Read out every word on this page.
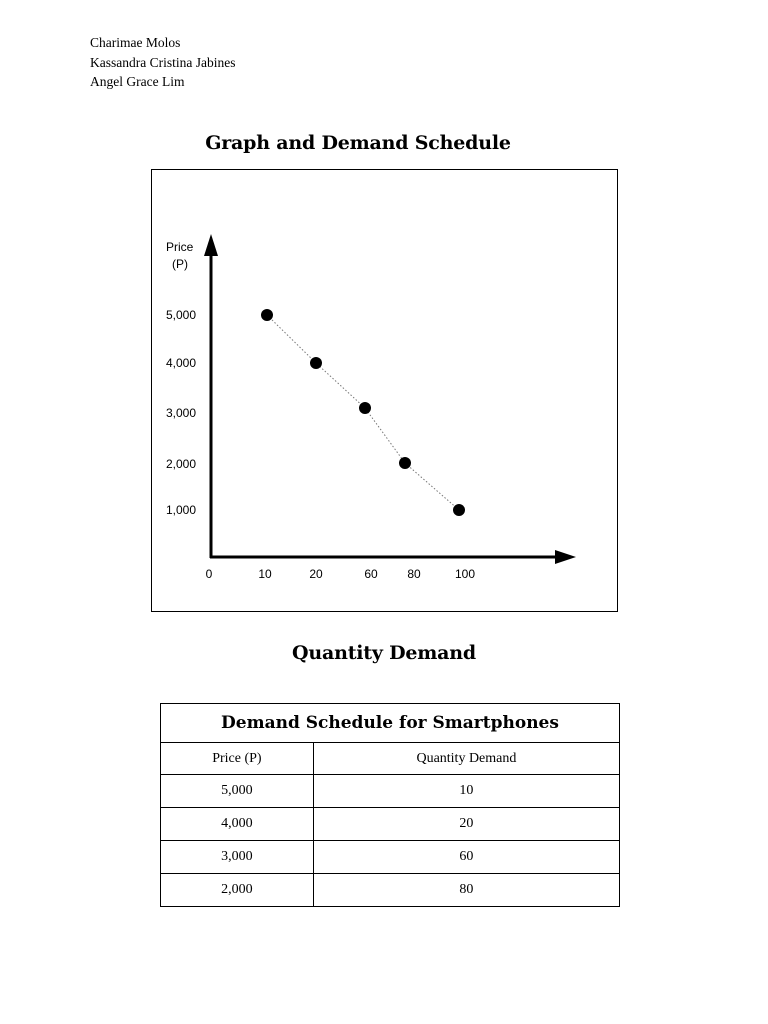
Charimae Molos
Kassandra Cristina Jabines
Angel Grace Lim
Graph and Demand Schedule
Price
(P)
0	10	20	60 80	100
5,000
4,000
3,000
2,000
1,000
Quantity Demand
Demand Schedule for Smartphones	
Price (P)	Quantity Demand
5,000	10
4,000	20
3,000	60
2,000	80
